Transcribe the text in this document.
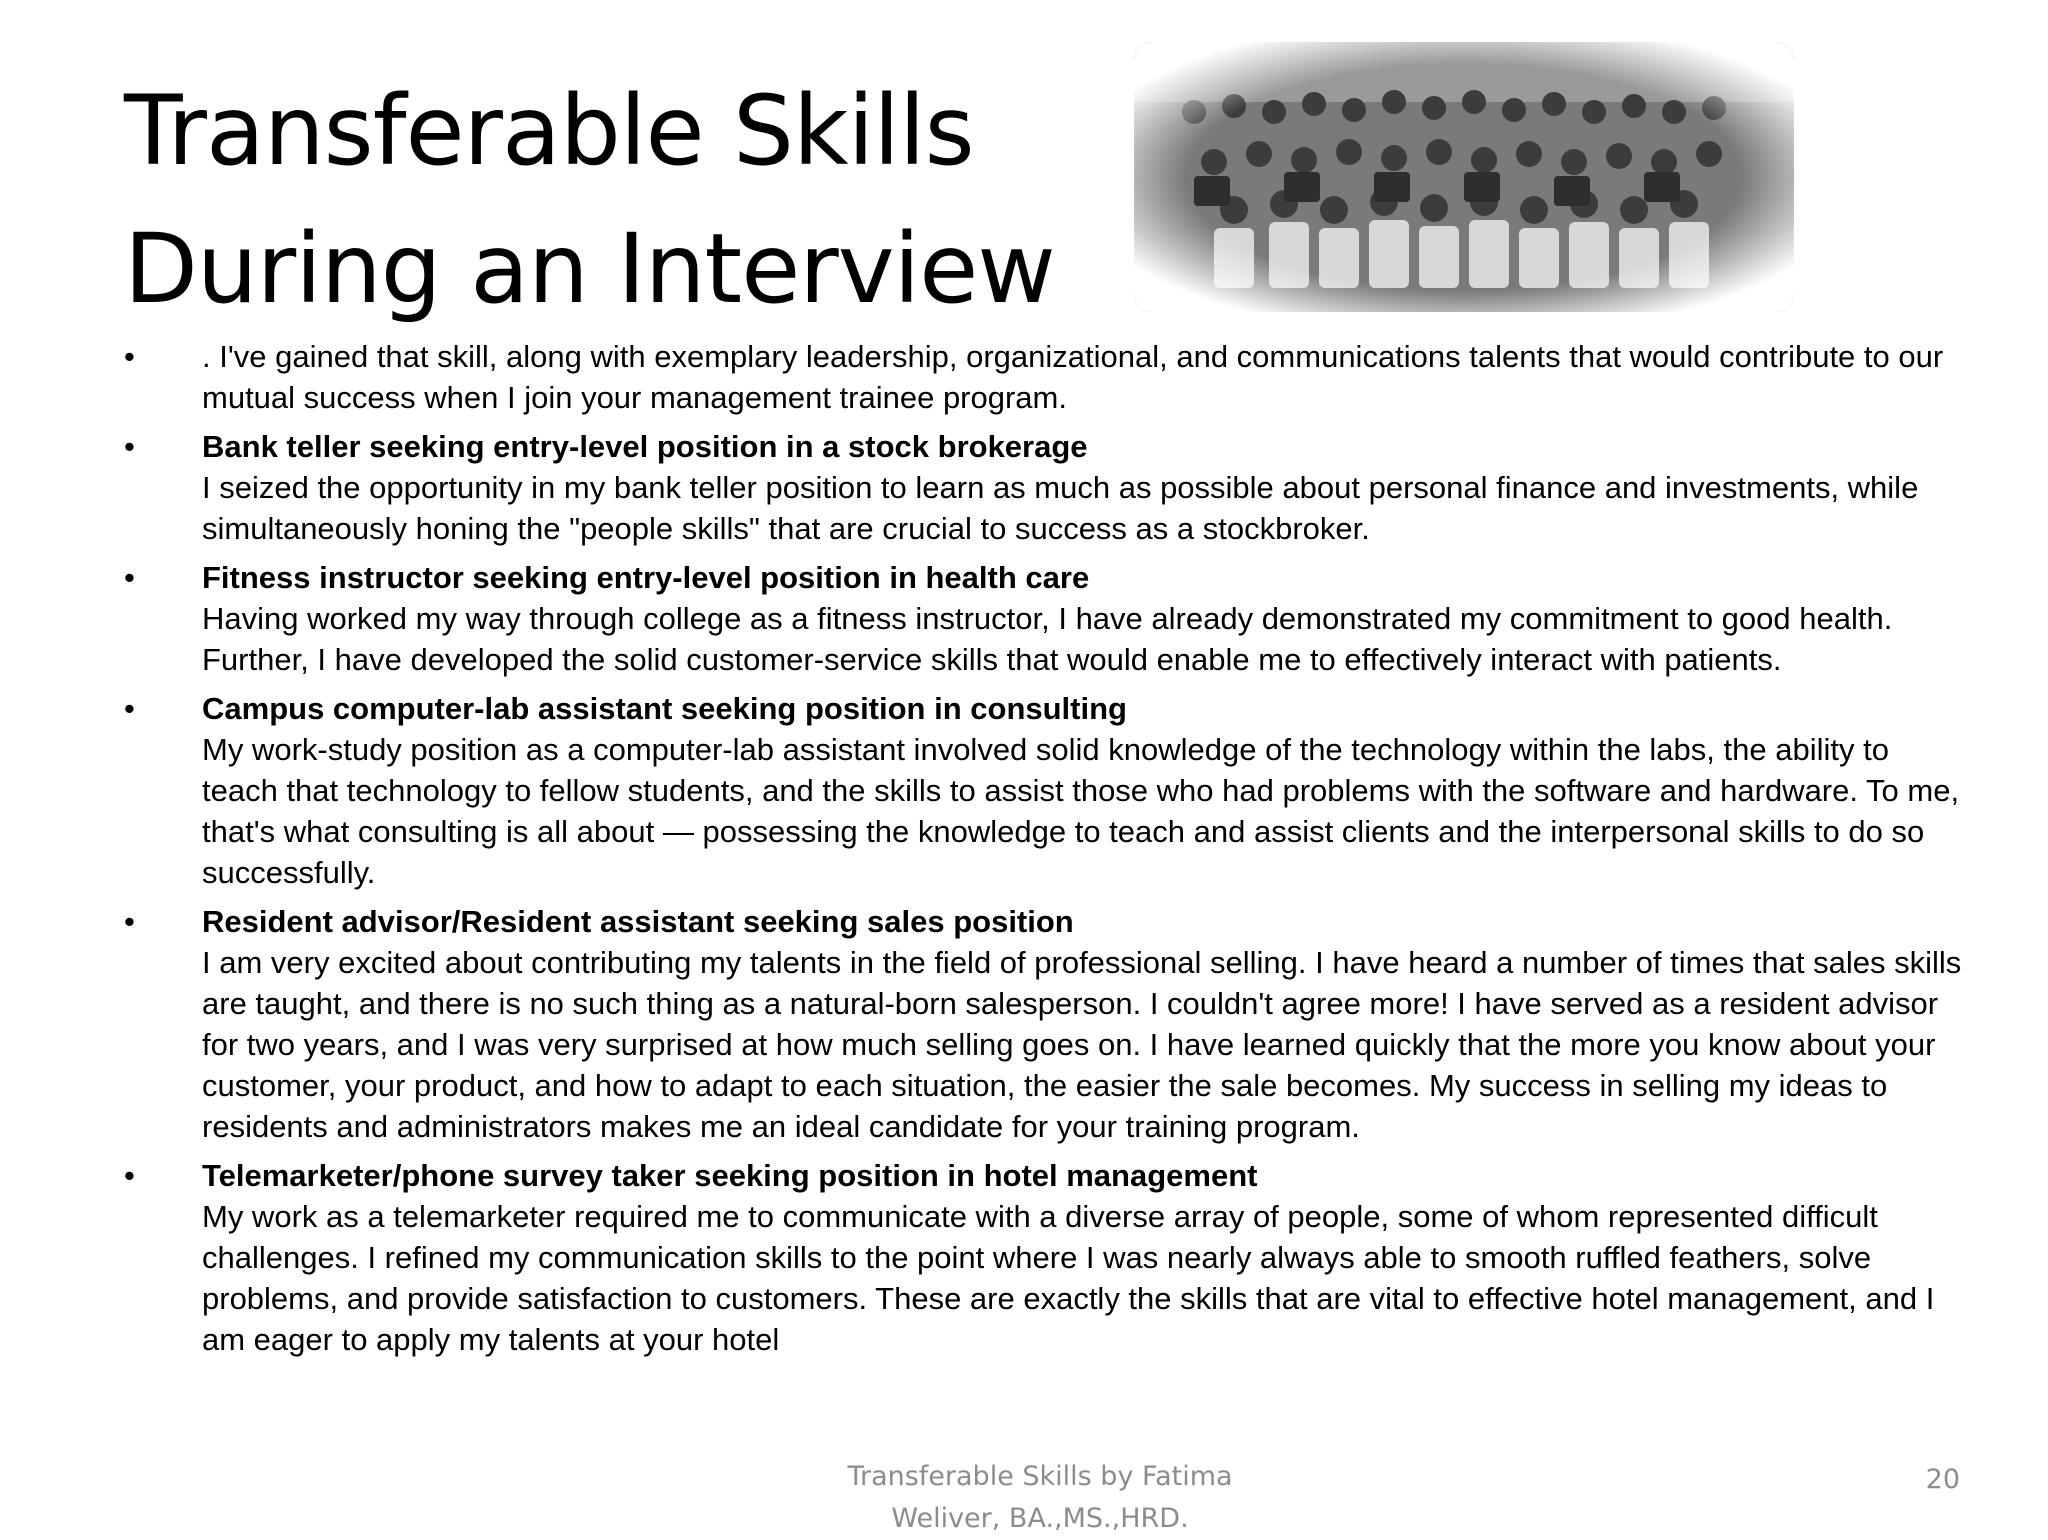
Transferable Skills
During an Interview
•	. I've gained that skill, along with exemplary leadership, organizational, and communications talents that would contribute to our mutual success when I join your management trainee program.
•	Bank teller seeking entry-level position in a stock brokerage
I seized the opportunity in my bank teller position to learn as much as possible about personal finance and investments, while simultaneously honing the "people skills" that are crucial to success as a stockbroker.
•	Fitness instructor seeking entry-level position in health care
Having worked my way through college as a fitness instructor, I have already demonstrated my commitment to good health. Further, I have developed the solid customer-service skills that would enable me to effectively interact with patients.
•	Campus computer-lab assistant seeking position in consulting
My work-study position as a computer-lab assistant involved solid knowledge of the technology within the labs, the ability to teach that technology to fellow students, and the skills to assist those who had problems with the software and hardware. To me, that's what consulting is all about — possessing the knowledge to teach and assist clients and the interpersonal skills to do so successfully.
•	Resident advisor/Resident assistant seeking sales position
I am very excited about contributing my talents in the field of professional selling. I have heard a number of times that sales skills are taught, and there is no such thing as a natural-born salesperson. I couldn't agree more! I have served as a resident advisor for two years, and I was very surprised at how much selling goes on. I have learned quickly that the more you know about your customer, your product, and how to adapt to each situation, the easier the sale becomes. My success in selling my ideas to residents and administrators makes me an ideal candidate for your training program.
•	Telemarketer/phone survey taker seeking position in hotel management
My work as a telemarketer required me to communicate with a diverse array of people, some of whom represented difficult challenges. I refined my communication skills to the point where I was nearly always able to smooth ruffled feathers, solve problems, and provide satisfaction to customers. These are exactly the skills that are vital to effective hotel management, and I am eager to apply my talents at your hotel
Transferable Skills by Fatima
Weliver, BA.,MS.,HRD.
20
